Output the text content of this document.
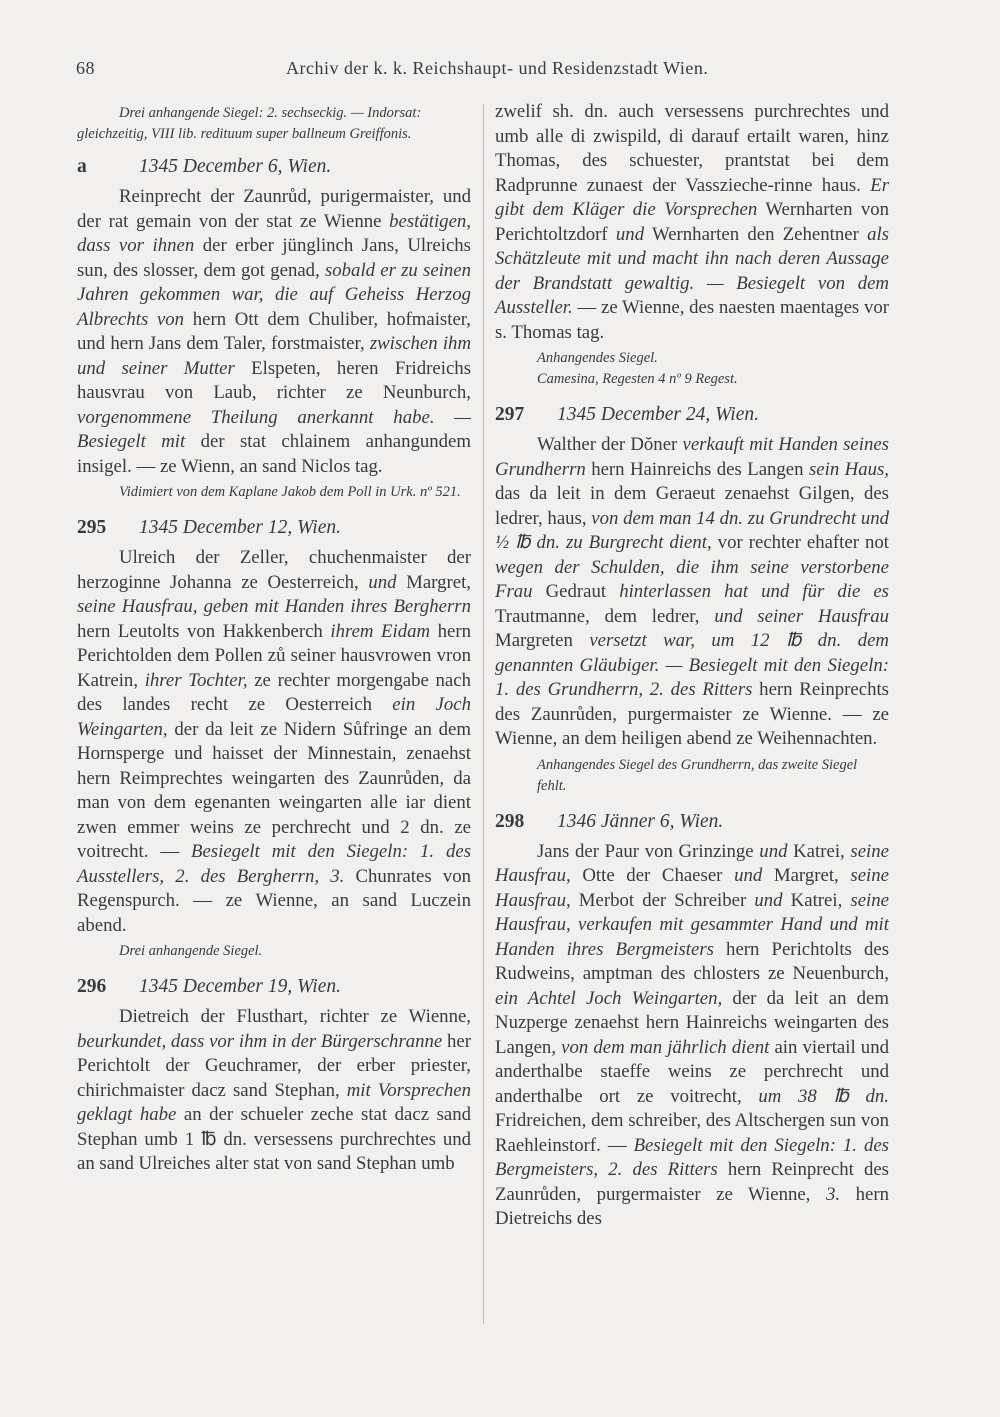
68	Archiv der k. k. Reichshaupt- und Residenzstadt Wien.
Drei anhangende Siegel: 2. sechseckig. — Indorsat: gleichzeitig, VIII lib. redituum super ballneum Greiffonis.
a	1345 December 6, Wien.
Reinprecht der Zaunrůd, purigermaister, und der rat gemain von der stat ze Wienne bestätigen, dass vor ihnen der erber jünglinch Jans, Ulreichs sun, des slosser, dem got genad, sobald er zu seinen Jahren gekommen war, die auf Geheiss Herzog Albrechts von hern Ott dem Chuliber, hofmaister, und hern Jans dem Taler, forstmaister, zwischen ihm und seiner Mutter Elspeten, heren Fridreichs hausvrau von Laub, richter ze Neunburch, vorgenommene Theilung anerkannt habe. — Besiegelt mit der stat chlainem anhangundem insigel. — ze Wienn, an sand Niclos tag.
Vidimiert von dem Kaplane Jakob dem Poll in Urk. nº 521.
295 1345 December 12, Wien.
Ulreich der Zeller, chuchenmaister der herzoginne Johanna ze Oesterreich, und Margret, seine Hausfrau, geben mit Handen ihres Bergherrn hern Leutolts von Hakkenberch ihrem Eidam hern Perichtolden dem Pollen zů seiner hausvrowen vron Katrein, ihrer Tochter, ze rechter morgengabe nach des landes recht ze Oesterreich ein Joch Weingarten, der da leit ze Nidern Sůfringe an dem Hornsperge und haisset der Minnestain, zenaehst hern Reimprechtes weingarten des Zaunrůden, da man von dem egenanten weingarten alle iar dient zwen emmer weins ze perchrecht und 2 dn. ze voitrecht. — Besiegelt mit den Siegeln: 1. des Ausstellers, 2. des Bergherrn, 3. Chunrates von Regenspurch. — ze Wienne, an sand Luczein abend.
Drei anhangende Siegel.
296 1345 December 19, Wien.
Dietreich der Flusthart, richter ze Wienne, beurkundet, dass vor ihm in der Bürgerschranne her Perichtolt der Geuchramer, der erber priester, chirichmaister dacz sand Stephan, mit Vorsprechen geklagt habe an der schueler zeche stat dacz sand Stephan umb 1 ℔ dn. versessens purchrechtes und an sand Ulreiches alter stat von sand Stephan umb
zwelif sh. dn. auch versessens purchrechtes und umb alle di zwispild, di darauf ertailt waren, hinz Thomas, des schuester, prantstat bei dem Radprunne zunaest der Vasszieche-rinne haus. Er gibt dem Kläger die Vorsprechen Wernharten von Perichtoltzdorf und Wernharten den Zehentner als Schätzleute mit und macht ihn nach deren Aussage der Brandstatt gewaltig. — Besiegelt von dem Aussteller. — ze Wienne, des naesten maentages vor s. Thomas tag.
Anhangendes Siegel.
Camesina, Regesten 4 nº 9 Regest.
297 1345 December 24, Wien.
Walther der Dŏner verkauft mit Handen seines Grundherrn hern Hainreichs des Langen sein Haus, das da leit in dem Geraeut zenaehst Gilgen, des ledrer, haus, von dem man 14 dn. zu Grundrecht und ½ ℔ dn. zu Burgrecht dient, vor rechter ehafter not wegen der Schulden, die ihm seine verstorbene Frau Gedraut hinterlassen hat und für die es Trautmanne, dem ledrer, und seiner Hausfrau Margreten versetzt war, um 12 ℔ dn. dem genannten Gläubiger. — Besiegelt mit den Siegeln: 1. des Grundherrn, 2. des Ritters hern Reinprechts des Zaunrůden, purgermaister ze Wienne. — ze Wienne, an dem heiligen abend ze Weihennachten.
Anhangendes Siegel des Grundherrn, das zweite Siegel fehlt.
298 1346 Jänner 6, Wien.
Jans der Paur von Grinzinge und Katrei, seine Hausfrau, Otte der Chaeser und Margret, seine Hausfrau, Merbot der Schreiber und Katrei, seine Hausfrau, verkaufen mit gesammter Hand und mit Handen ihres Bergmeisters hern Perichtolts des Rudweins, amptman des chlosters ze Neuenburch, ein Achtel Joch Weingarten, der da leit an dem Nuzperge zenaehst hern Hainreichs weingarten des Langen, von dem man jährlich dient ain viertail und anderthalbe staeffe weins ze perchrecht und anderthalbe ort ze voitrecht, um 38 ℔ dn. Fridreichen, dem schreiber, des Altschergen sun von Raehleinstorf. — Besiegelt mit den Siegeln: 1. des Bergmeisters, 2. des Ritters hern Reinprecht des Zaunrůden, purgermaister ze Wienne, 3. hern Dietreichs des
